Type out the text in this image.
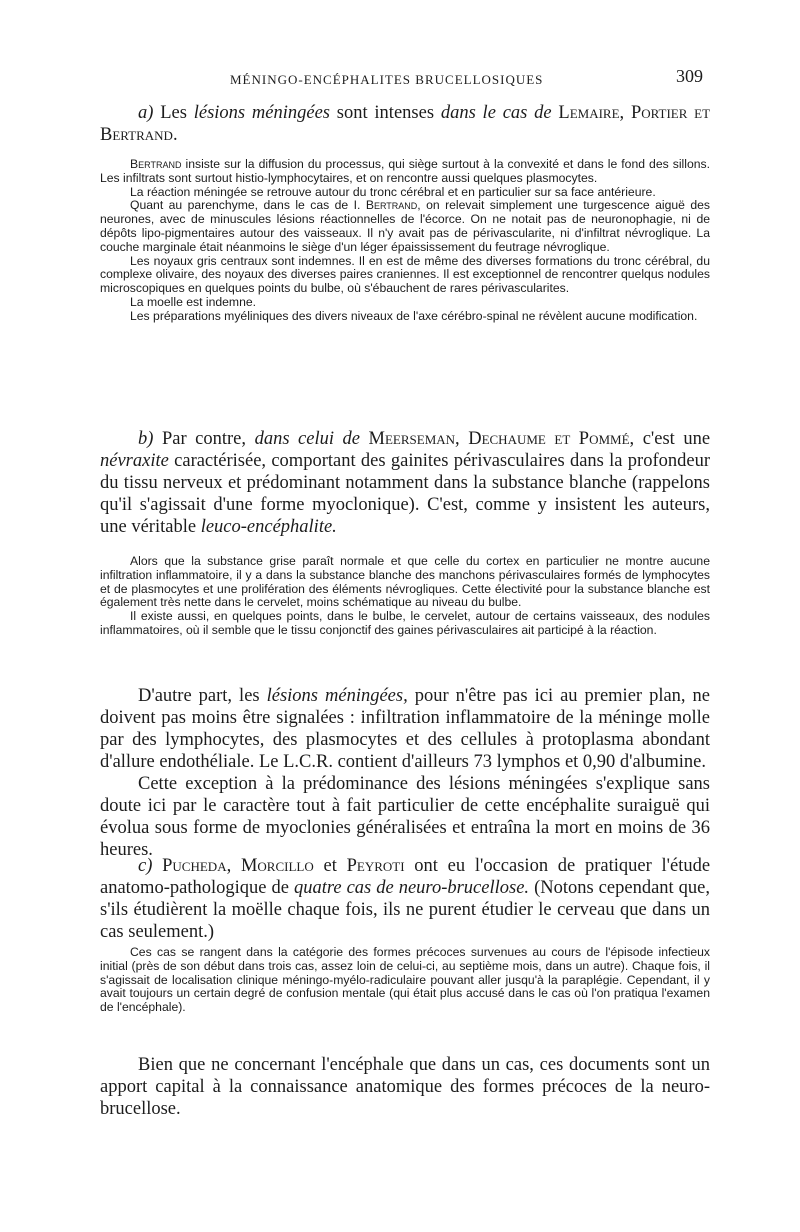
MÉNINGO-ENCÉPHALITES BRUCELLOSIQUES	309

a) Les lésions méningées sont intenses dans le cas de Lemaire, Portier et Bertrand.

Bertrand insiste sur la diffusion du processus, qui siège surtout à la convexité et dans le fond des sillons. Les infiltrats sont surtout histio-lymphocytaires, et on rencontre aussi quelques plasmocytes.

La réaction méningée se retrouve autour du tronc cérébral et en particulier sur sa face antérieure.

Quant au parenchyme, dans le cas de I. Bertrand, on relevait simplement une turgescence aiguë des neurones, avec de minuscules lésions réactionnelles de l'écorce. On ne notait pas de neuronophagie, ni de dépôts lipo-pigmentaires autour des vaisseaux. Il n'y avait pas de périvascularite, ni d'infiltrat névroglique. La couche marginale était néanmoins le siège d'un léger épaississement du feutrage névroglique.

Les noyaux gris centraux sont indemnes. Il en est de même des diverses formations du tronc cérébral, du complexe olivaire, des noyaux des diverses paires craniennes. Il est exceptionnel de rencontrer quelqus nodules microscopiques en quelques points du bulbe, où s'ébauchent de rares périvascularites.

La moelle est indemne.

Les préparations myéliniques des divers niveaux de l'axe cérébro-spinal ne révèlent aucune modification.

b) Par contre, dans celui de Meerseman, Dechaume et Pommé, c'est une névraxite caractérisée, comportant des gainites périvasculaires dans la profondeur du tissu nerveux et prédominant notamment dans la substance blanche (rappelons qu'il s'agissait d'une forme myoclonique). C'est, comme y insistent les auteurs, une véritable leuco-encéphalite.

Alors que la substance grise paraît normale et que celle du cortex en particulier ne montre aucune infiltration inflammatoire, il y a dans la substance blanche des manchons périvasculaires formés de lymphocytes et de plasmocytes et une prolifération des éléments névrogliques. Cette électivité pour la substance blanche est également très nette dans le cervelet, moins schématique au niveau du bulbe.

Il existe aussi, en quelques points, dans le bulbe, le cervelet, autour de certains vaisseaux, des nodules inflammatoires, où il semble que le tissu conjonctif des gaines périvasculaires ait participé à la réaction.

D'autre part, les lésions méningées, pour n'être pas ici au premier plan, ne doivent pas moins être signalées : infiltration inflammatoire de la méninge molle par des lymphocytes, des plasmocytes et des cellules à protoplasma abondant d'allure endothéliale. Le L.C.R. contient d'ailleurs 73 lymphos et 0,90 d'albumine.

Cette exception à la prédominance des lésions méningées s'explique sans doute ici par le caractère tout à fait particulier de cette encéphalite suraiguë qui évolua sous forme de myoclonies généralisées et entraîna la mort en moins de 36 heures.

c) Pucheda, Morcillo et Peyroti ont eu l'occasion de pratiquer l'étude anatomo-pathologique de quatre cas de neuro-brucellose. (Notons cependant que, s'ils étudièrent la moëlle chaque fois, ils ne purent étudier le cerveau que dans un cas seulement.)

Ces cas se rangent dans la catégorie des formes précoces survenues au cours de l'épisode infectieux initial (près de son début dans trois cas, assez loin de celui-ci, au septième mois, dans un autre). Chaque fois, il s'agissait de localisation clinique méningo-myélo-radiculaire pouvant aller jusqu'à la paraplégie. Cependant, il y avait toujours un certain degré de confusion mentale (qui était plus accusé dans le cas où l'on pratiqua l'examen de l'encéphale).

Bien que ne concernant l'encéphale que dans un cas, ces documents sont un apport capital à la connaissance anatomique des formes précoces de la neuro-brucellose.
